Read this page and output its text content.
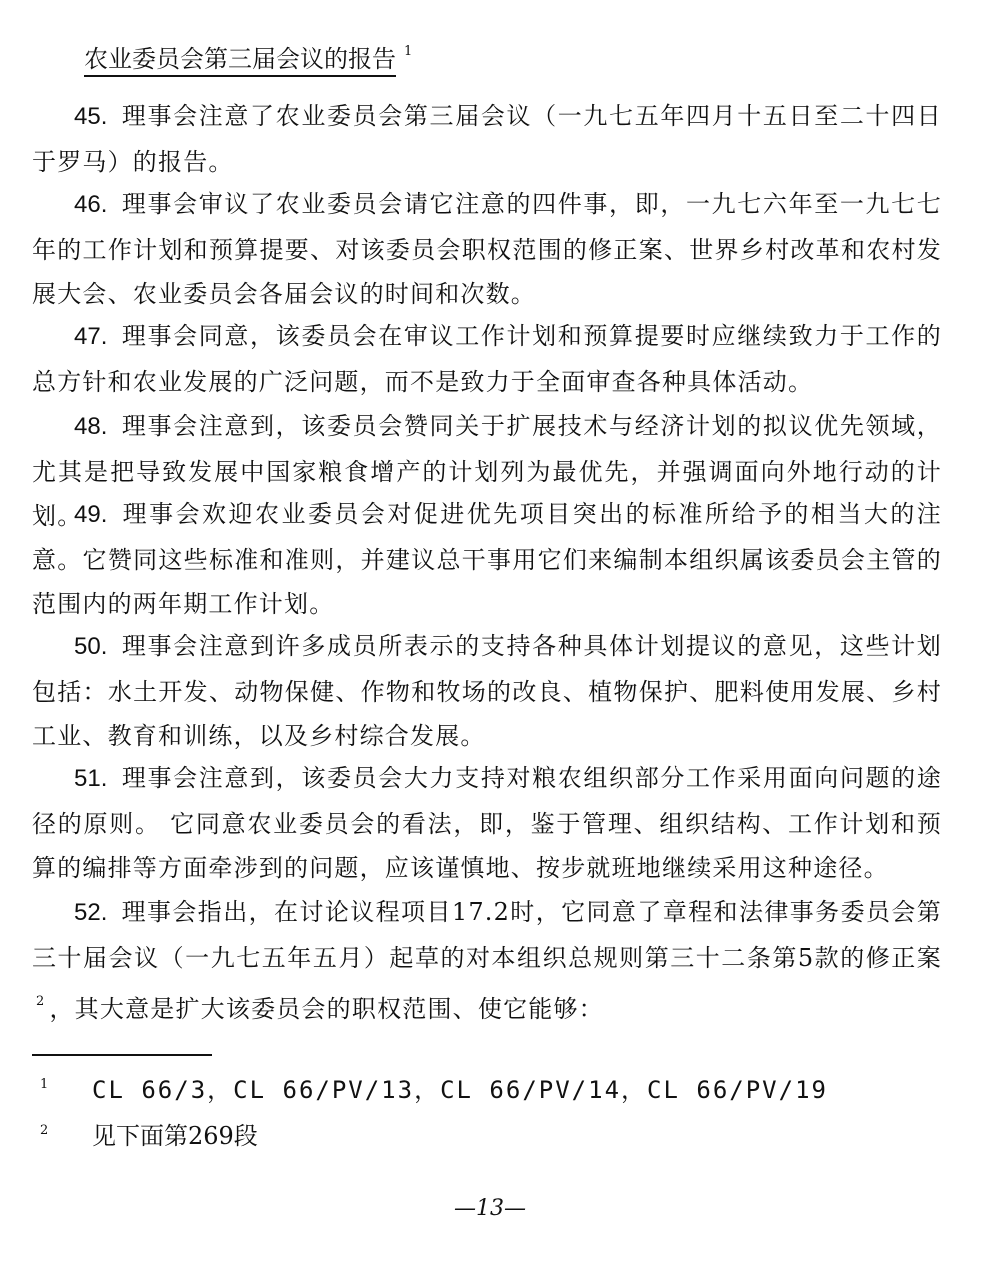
农业委员会第三届会议的报告 $^1$
45. 理事会注意了农业委员会第三届会议（一九七五年四月十五日至二十四日于罗马）的报告。
46. 理事会审议了农业委员会请它注意的四件事，即，一九七六年至一九七七年的工作计划和预算提要、对该委员会职权范围的修正案、世界乡村改革和农村发展大会、农业委员会各届会议的时间和次数。
47. 理事会同意，该委员会在审议工作计划和预算提要时应继续致力于工作的总方针和农业发展的广泛问题，而不是致力于全面审查各种具体活动。
48. 理事会注意到，该委员会赞同关于扩展技术与经济计划的拟议优先领域，尤其是把导致发展中国家粮食增产的计划列为最优先，并强调面向外地行动的计划。
49. 理事会欢迎农业委员会对促进优先项目突出的标准所给予的相当大的注意。它赞同这些标准和准则，并建议总干事用它们来编制本组织属该委员会主管的范围内的两年期工作计划。
50. 理事会注意到许多成员所表示的支持各种具体计划提议的意见，这些计划包括：水土开发、动物保健、作物和牧场的改良、植物保护、肥料使用发展、乡村工业、教育和训练，以及乡村综合发展。
51. 理事会注意到，该委员会大力支持对粮农组织部分工作采用面向问题的途径的原则。 它同意农业委员会的看法，即，鉴于管理、组织结构、工作计划和预算的编排等方面牵涉到的问题，应该谨慎地、按步就班地继续采用这种途径。
52. 理事会指出，在讨论议程项目17.2时，它同意了章程和法律事务委员会第三十届会议（一九七五年五月）起草的对本组织总规则第三十二条第5款的修正案$^2$ ，其大意是扩大该委员会的职权范围、使它能够：
1 CL 66/3，CL 66/PV/13，CL 66/PV/14，CL 66/PV/19
2 见下面第269段
—13—
